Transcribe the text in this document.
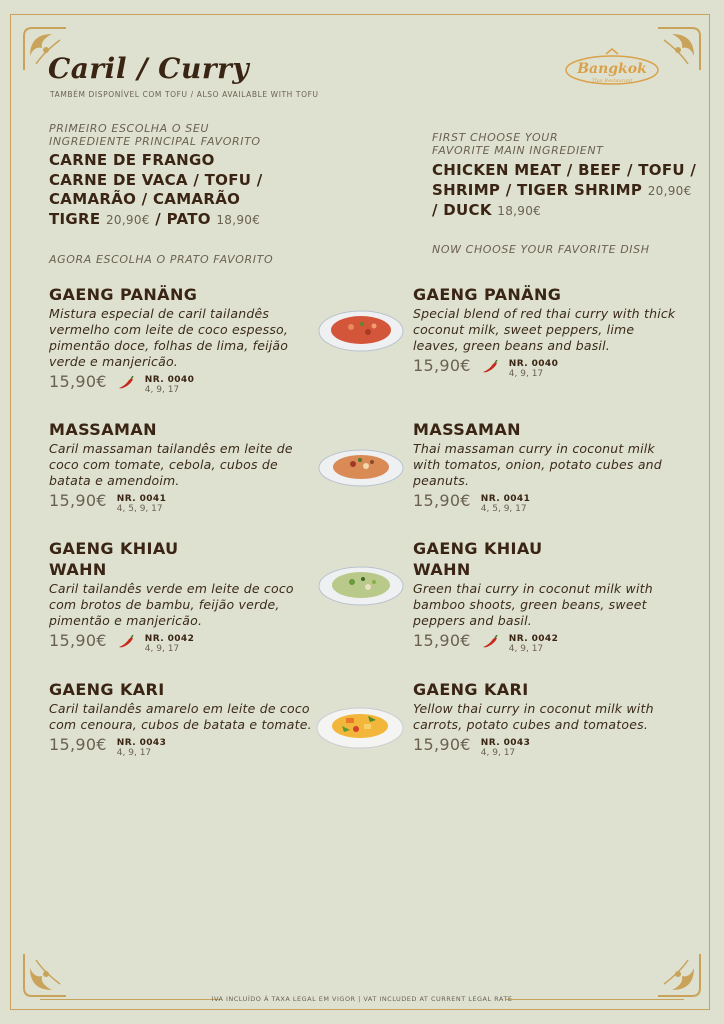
Caril / Curry
TAMBÉM DISPONÍVEL COM TOFU / ALSO AVAILABLE WITH TOFU
Bangkok
Thai Restaurant
PRIMEIRO ESCOLHA O SEU
INGREDIENTE PRINCIPAL FAVORITO
CARNE DE FRANGO
CARNE DE VACA / TOFU /
CAMARÃO / CAMARÃO
TIGRE 20,90€ / PATO 18,90€
AGORA ESCOLHA O PRATO FAVORITO
FIRST CHOOSE YOUR
FAVORITE MAIN INGREDIENT
CHICKEN MEAT / BEEF / TOFU /
SHRIMP / TIGER SHRIMP 20,90€
/ DUCK 18,90€
NOW CHOOSE YOUR FAVORITE DISH
GAENG PANÄNG

Mistura especial de caril tailandês vermelho com leite de coco espesso, pimentão doce, folhas de lima, feijão verde e manjericão.

15,90€	NR. 0040
4, 9, 17
GAENG PANÄNG

Special blend of red thai curry with thick coconut milk, sweet peppers, lime leaves, green beans and basil.

15,90€	NR. 0040
4, 9, 17
MASSAMAN

Caril massaman tailandês em leite de coco com tomate, cebola, cubos de batata e amendoim.

15,90€ NR. 0041
4, 5, 9, 17
MASSAMAN

Thai massaman curry in coconut milk with tomatos, onion, potato cubes and peanuts.

15,90€ NR. 0041
4, 5, 9, 17
GAENG KHIAU
WAHN

Caril tailandês verde em leite de coco com brotos de bambu, feijão verde, pimentão e manjericão.

15,90€	NR. 0042
4, 9, 17
GAENG KHIAU
WAHN

Green thai curry in coconut milk with bamboo shoots, green beans, sweet peppers and basil.

15,90€	NR. 0042
4, 9, 17
GAENG KARI

Caril tailandês amarelo em leite de coco com cenoura, cubos de batata e tomate.

15,90€ NR. 0043
4, 9, 17
GAENG KARI

Yellow thai curry in coconut milk with carrots, potato cubes and tomatoes.

15,90€ NR. 0043
4, 9, 17
IVA INCLUÍDO À TAXA LEGAL EM VIGOR | VAT INCLUDED AT CURRENT LEGAL RATE
